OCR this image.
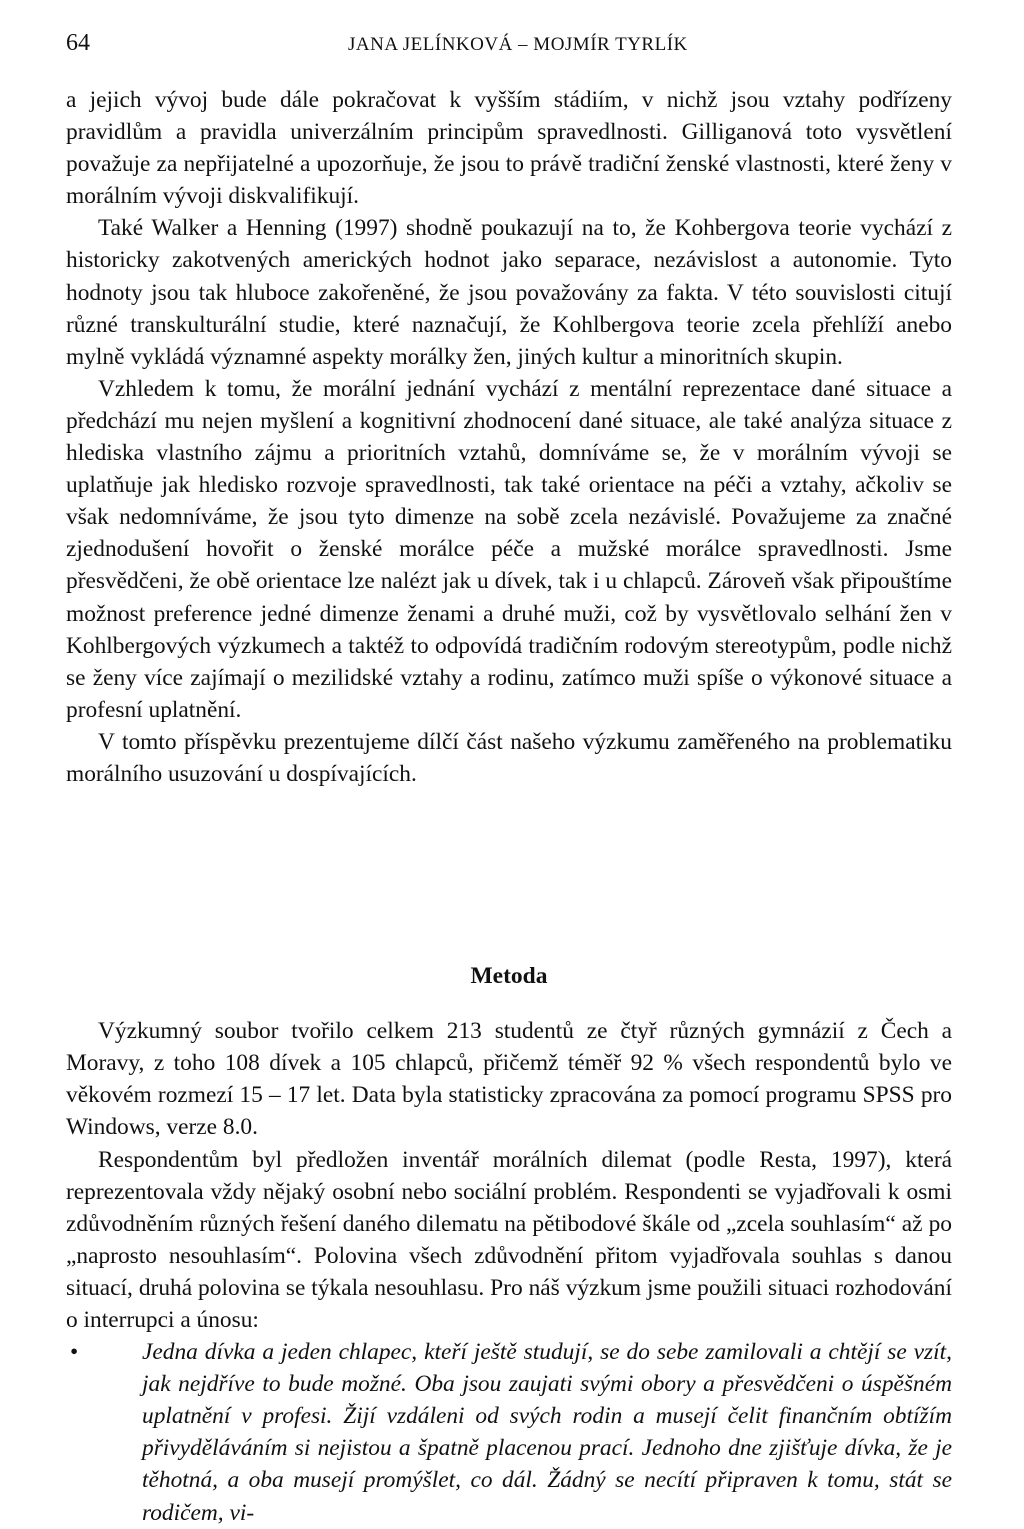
64	JANA JELÍNKOVÁ – MOJMÍR TYRLÍK

a jejich vývoj bude dále pokračovat k vyšším stádiím, v nichž jsou vztahy podřízeny pravidlům a pravidla univerzálním principům spravedlnosti. Gilliganová toto vysvětlení považuje za nepřijatelné a upozorňuje, že jsou to právě tradiční ženské vlastnosti, které ženy v morálním vývoji diskvalifikují.

Také Walker a Henning (1997) shodně poukazují na to, že Kohbergova teorie vychází z historicky zakotvených amerických hodnot jako separace, nezávislost a autonomie. Tyto hodnoty jsou tak hluboce zakořeněné, že jsou považovány za fakta. V této souvislosti citují různé transkulturální studie, které naznačují, že Kohlbergova teorie zcela přehlíží anebo mylně vykládá významné aspekty morálky žen, jiných kultur a minoritních skupin.

Vzhledem k tomu, že morální jednání vychází z mentální reprezentace dané situace a předchází mu nejen myšlení a kognitivní zhodnocení dané situace, ale také analýza situace z hlediska vlastního zájmu a prioritních vztahů, domníváme se, že v morálním vývoji se uplatňuje jak hledisko rozvoje spravedlnosti, tak také orientace na péči a vztahy, ačkoliv se však nedomníváme, že jsou tyto dimenze na sobě zcela nezávislé. Považujeme za značné zjednodušení hovořit o ženské morálce péče a mužské morálce spravedlnosti. Jsme přesvědčeni, že obě orientace lze nalézt jak u dívek, tak i u chlapců. Zároveň však připouštíme možnost preference jedné dimenze ženami a druhé muži, což by vysvětlovalo selhání žen v Kohlbergových výzkumech a taktéž to odpovídá tradičním rodovým stereotypům, podle nichž se ženy více zajímají o mezilidské vztahy a rodinu, zatímco muži spíše o výkonové situace a profesní uplatnění.

V tomto příspěvku prezentujeme dílčí část našeho výzkumu zaměřeného na problematiku morálního usuzování u dospívajících.

Metoda

Výzkumný soubor tvořilo celkem 213 studentů ze čtyř různých gymnázií z Čech a Moravy, z toho 108 dívek a 105 chlapců, přičemž téměř 92 % všech respondentů bylo ve věkovém rozmezí 15 – 17 let. Data byla statisticky zpracována za pomocí programu SPSS pro Windows, verze 8.0.

Respondentům byl předložen inventář morálních dilemat (podle Resta, 1997), která reprezentovala vždy nějaký osobní nebo sociální problém. Respondenti se vyjadřovali k osmi zdůvodněním různých řešení daného dilematu na pětibodové škále od „zcela souhlasím“ až po „naprosto nesouhlasím“. Polovina všech zdůvodnění přitom vyjadřovala souhlas s danou situací, druhá polovina se týkala nesouhlasu. Pro náš výzkum jsme použili situaci rozhodování o interrupci a únosu:

•	Jedna dívka a jeden chlapec, kteří ještě studují, se do sebe zamilovali a chtějí se vzít, jak nejdříve to bude možné. Oba jsou zaujati svými obory a přesvědčeni o úspěšném uplatnění v profesi. Žijí vzdáleni od svých rodin a musejí čelit finančním obtížím přivyděláváním si nejistou a špatně placenou prací. Jednoho dne zjišťuje dívka, že je těhotná, a oba musejí promýšlet, co dál. Žádný se necítí připraven k tomu, stát se rodičem, vi-
